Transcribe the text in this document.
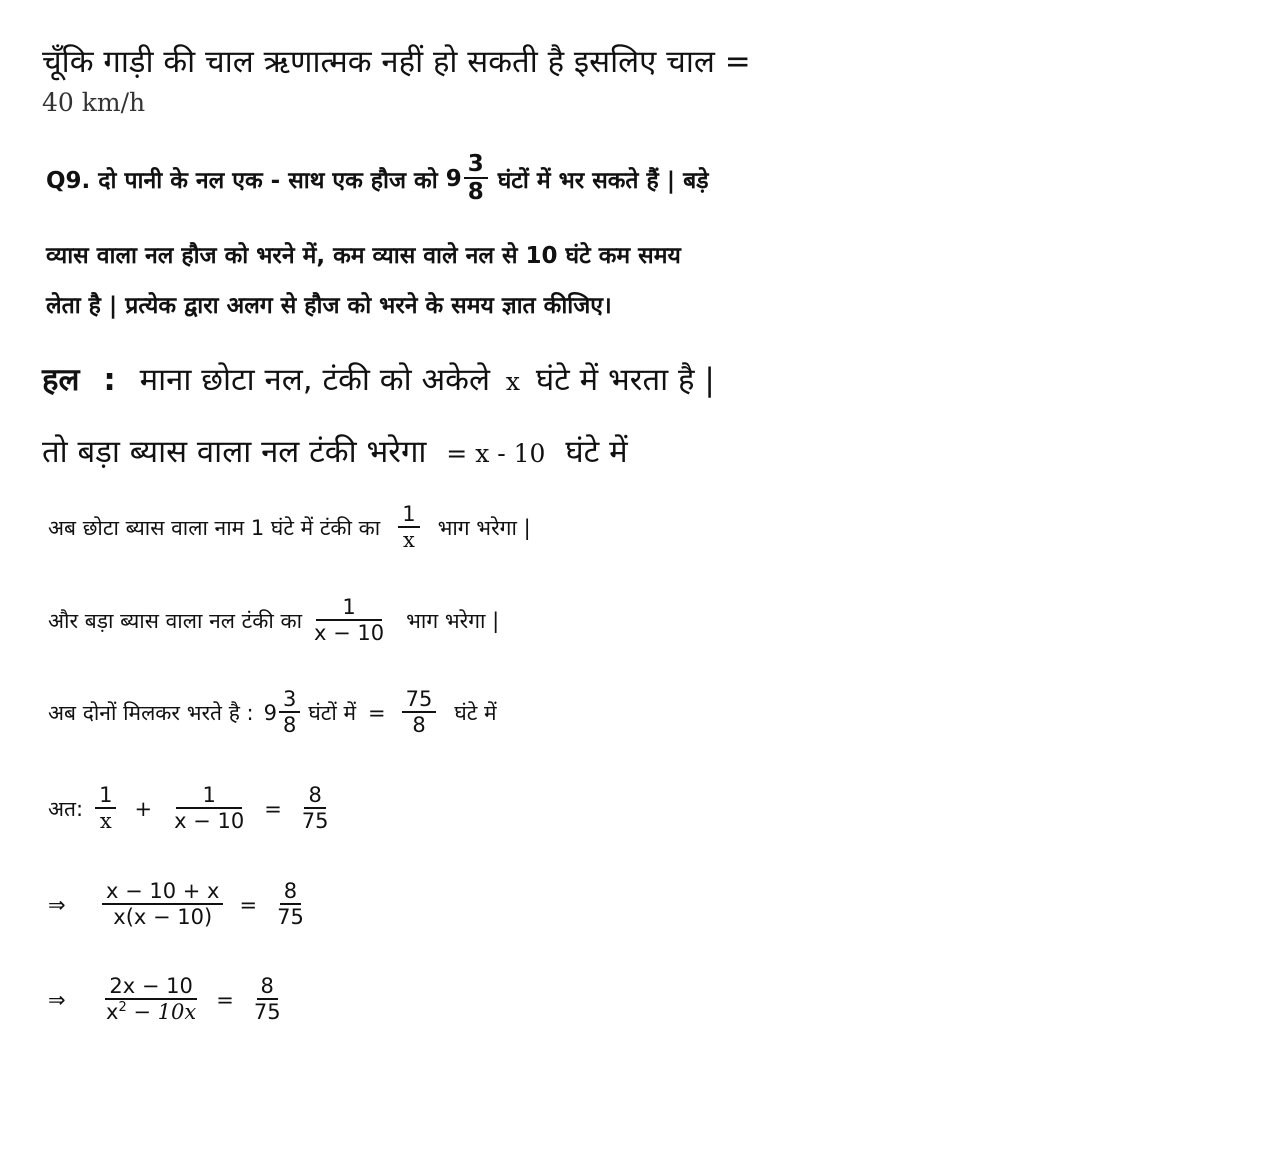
चूँकि गाड़ी की चाल ऋणात्मक नहीं हो सकती है इसलिए चाल =
40 km/h
Q9. दो पानी के नल एक - साथ एक हौज को $9 \frac{3}{8}$ घंटों में भर सकते हैं | बड़े
व्यास वाला नल हौज को भरने में, कम व्यास वाले नल से 10 घंटे कम समय
लेता है | प्रत्येक द्वारा अलग से हौज को भरने के समय ज्ञात कीजिए।
हल : माना छोटा नल, टंकी को अकेले x घंटे में भरता है |
तो बड़ा ब्यास वाला नल टंकी भरेगा = x - 10 घंटे में
अब छोटा ब्यास वाला नाम 1 घंटे में टंकी का $\frac{1}{x}$ भाग भरेगा |
और बड़ा ब्यास वाला नल टंकी का $\frac{1}{x - 10}$ भाग भरेगा |
अब दोनों मिलकर भरते है : $9 \frac{3}{8}$ घंटों में = $\frac{75}{8}$ घंटे में
अत: $\frac{1}{x} + \frac{1}{x - 10} = \frac{8}{75}$
⇒	$\frac{x - 10 + x}{x(x - 10)} = \frac{8}{75}$
⇒	$\frac{2x - 10}{x^2 - 10x} = \frac{8}{75}$
